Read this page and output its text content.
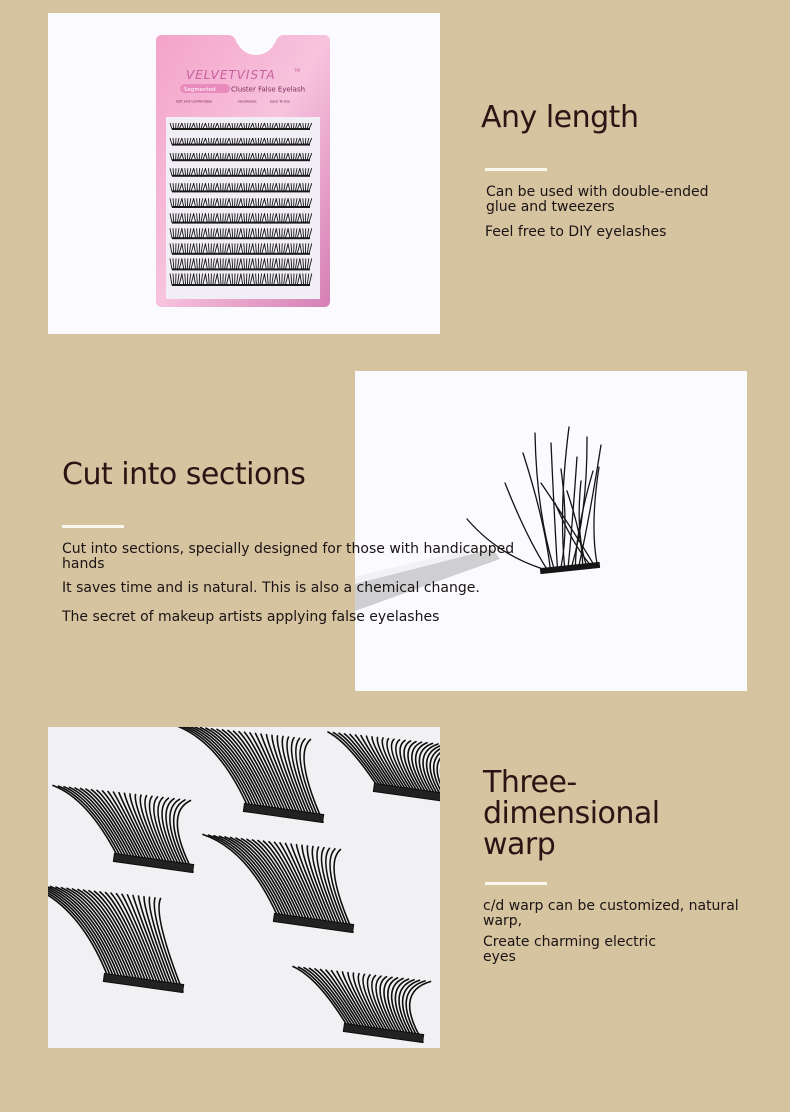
VELVETVISTA	TM
Segmented Cluster False Eyelash
Soft and Comfortable	Handmade	Easy To Use	Any length

Can be used with double-ended glue and tweezers

Feel free to DIY eyelashes

Cut into sections

Cut into sections, specially designed for those with handicapped hands

It saves time and is natural. This is also a chemical change.

The secret of makeup artists applying false eyelashes

Three-dimensional warp

c/d warp can be customized, natural warp,

Create charming electric eyes
